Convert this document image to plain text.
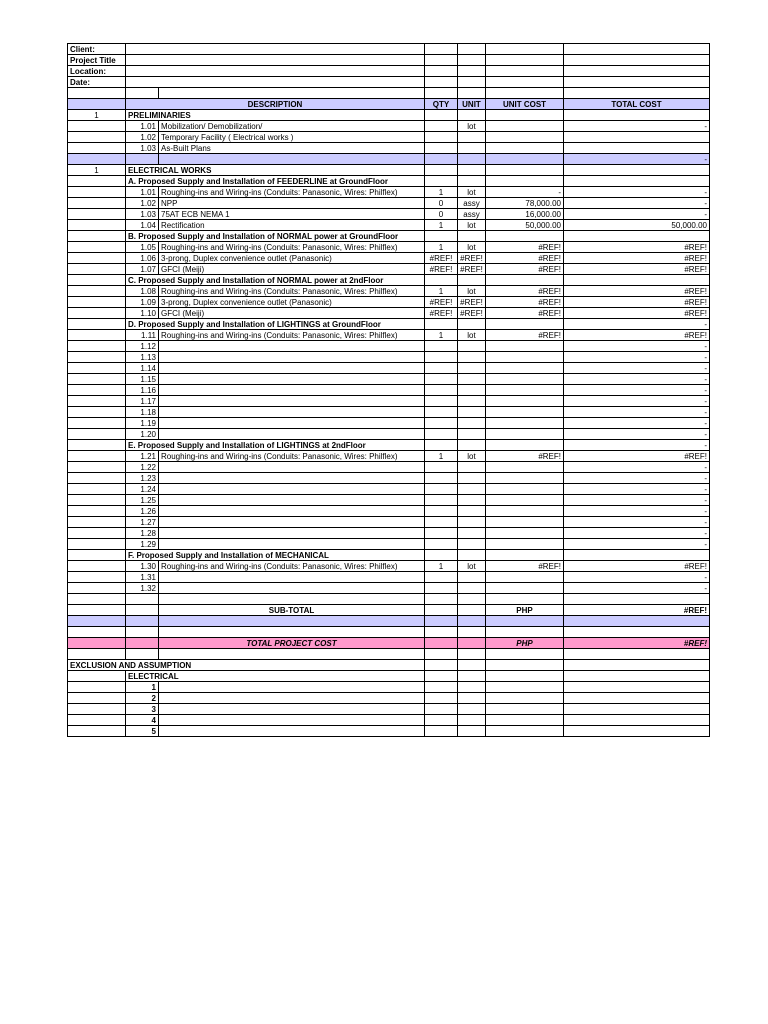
Client:						
Project Title						
Location:						
Date:						

	DESCRIPTION		QTY	UNIT	UNIT COST	TOTAL COST
1	PRELIMINARIES					
	1.01	Mobilization/ Demobilization/		lot		-
	1.02	Temporary Facility ( Electrical works )				
	1.03	As-Built Plans				
						-
1	ELECTRICAL WORKS					
	A. Proposed Supply and Installation of FEEDERLINE at GroundFloor					
	1.01	Roughing-ins and Wiring-ins (Conduits: Panasonic, Wires: Philflex)	1	lot	-	-
	1.02	NPP	0	assy	78,000.00	-
	1.03	75AT ECB NEMA 1	0	assy	16,000.00	-
	1.04	Rectification	1	lot	50,000.00	50,000.00
	B. Proposed Supply and Installation of NORMAL power at GroundFloor					
	1.05	Roughing-ins and Wiring-ins (Conduits: Panasonic, Wires: Philflex)	1	lot	#REF!	#REF!
	1.06	3-prong, Duplex convenience outlet (Panasonic)	#REF!	#REF!	#REF!	#REF!
	1.07	GFCI (Meiji)	#REF!	#REF!	#REF!	#REF!
	C. Proposed Supply and Installation of NORMAL power at 2ndFloor					
	1.08	Roughing-ins and Wiring-ins (Conduits: Panasonic, Wires: Philflex)	1	lot	#REF!	#REF!
	1.09	3-prong, Duplex convenience outlet (Panasonic)	#REF!	#REF!	#REF!	#REF!
	1.10	GFCI (Meiji)	#REF!	#REF!	#REF!	#REF!
	D. Proposed Supply and Installation of LIGHTINGS at GroundFloor					-
	1.11	Roughing-ins and Wiring-ins (Conduits: Panasonic, Wires: Philflex)	1	lot	#REF!	#REF!
	1.12					-
	1.13					-
	1.14					-
	1.15					-
	1.16					-
	1.17					-
	1.18					-
	1.19					-
	1.20					-
	E. Proposed Supply and Installation of LIGHTINGS at 2ndFloor					-
	1.21	Roughing-ins and Wiring-ins (Conduits: Panasonic, Wires: Philflex)	1	lot	#REF!	#REF!
	1.22					-
	1.23					-
	1.24					-
	1.25					-
	1.26					-
	1.27					-
	1.28					-
	1.29					-
	F. Proposed Supply and Installation of MECHANICAL					
	1.30	Roughing-ins and Wiring-ins (Conduits: Panasonic, Wires: Philflex)	1	lot	#REF!	#REF!
	1.31					-
	1.32					-

		SUB-TOTAL			PHP	#REF!

		TOTAL PROJECT COST			PHP	#REF!

EXCLUSION AND ASSUMPTION						
	ELECTRICAL					
	1					
	2					
	3					
	4					
	5					
